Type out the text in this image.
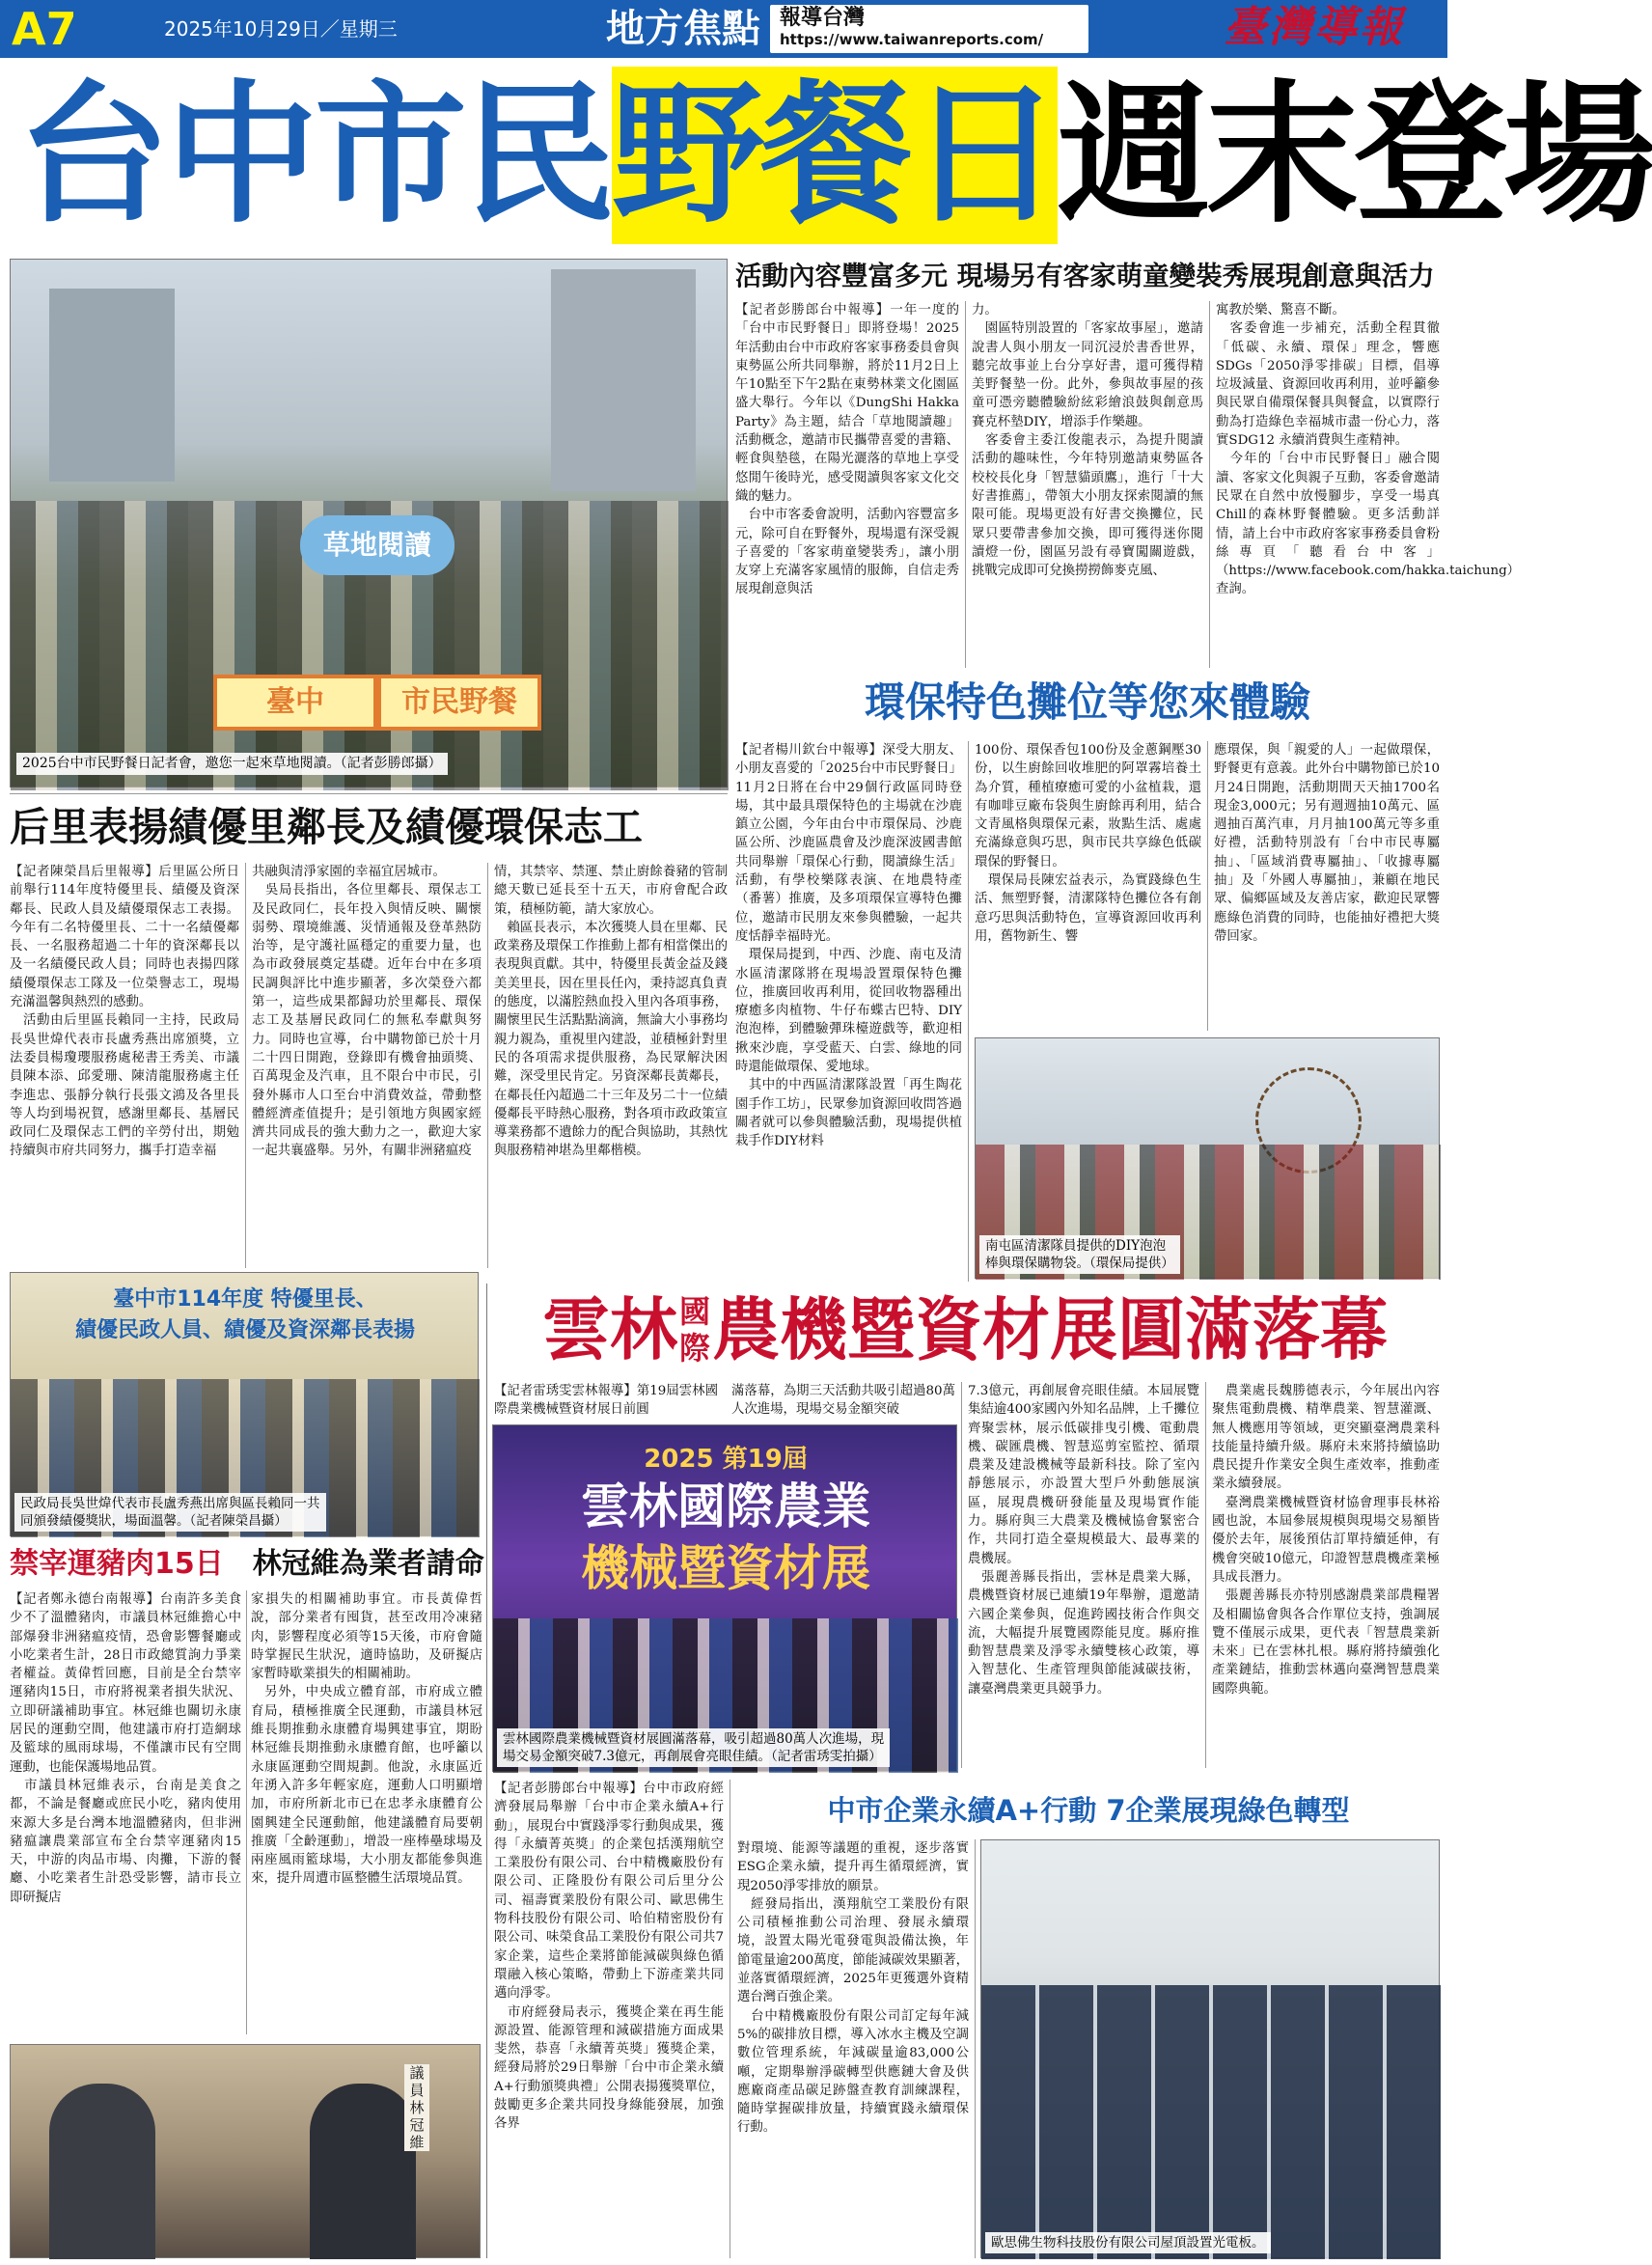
A7	2025年10月29日／星期三	地方焦點 報導台灣
https://www.taiwanreports.com/	臺灣導報
台中市民野餐日週末登場
草地閱讀
臺中	市民野餐
2025台中市民野餐日記者會，邀您一起來草地閱讀。（記者彭勝郎攝）
活動內容豐富多元 現場另有客家萌童變裝秀展現創意與活力
【記者彭勝郎台中報導】一年一度的「台中市民野餐日」即將登場！2025年活動由台中市政府客家事務委員會與東勢區公所共同舉辦，將於11月2日上午10點至下午2點在東勢林業文化園區盛大舉行。今年以《DungShi Hakka Party》為主題，結合「草地閱讀趣」活動概念，邀請市民攜帶喜愛的書籍、輕食與墊毯，在陽光灑落的草地上享受悠閒午後時光，感受閱讀與客家文化交織的魅力。
　台中市客委會說明，活動內容豐富多元，除可自在野餐外，現場還有深受親子喜愛的「客家萌童變裝秀」，讓小朋友穿上充滿客家風情的服飾，自信走秀展現創意與活
力。
　園區特別設置的「客家故事屋」，邀請說書人與小朋友一同沉浸於書香世界，聽完故事並上台分享好書，還可獲得精美野餐墊一份。此外，參與故事屋的孩童可憑旁聽體驗紛絃彩繪浪鼓與創意馬賽克杯墊DIY，增添手作樂趣。
　客委會主委江俊龍表示，為提升閱讀活動的趣味性，今年特別邀請東勢區各校校長化身「智慧貓頭鷹」，進行「十大好書推薦」，帶領大小朋友探索閱讀的無限可能。現場更設有好書交換攤位，民眾只要帶書參加交換，即可獲得迷你閱讀燈一份，園區另設有尋寶闖關遊戲，挑戰完成即可兌換撈撈飾麥克風、
寓教於樂、驚喜不斷。
　客委會進一步補充，活動全程貫徹「低碳、永續、環保」理念，響應SDGs「2050淨零排碳」目標，倡導垃圾減量、資源回收再利用，並呼籲參與民眾自備環保餐具與餐盒，以實際行動為打造綠色幸福城市盡一份心力，落實SDG12 永續消費與生產精神。
　今年的「台中市民野餐日」融合閱讀、客家文化與親子互動，客委會邀請民眾在自然中放慢腳步，享受一場真Chill的森林野餐體驗。更多活動詳情，請上台中市政府客家事務委員會粉絲專頁「聽看台中客」（https://www.facebook.com/hakka.taichung）查詢。
環保特色攤位等您來體驗
【記者楊川欽台中報導】深受大朋友、小朋友喜愛的「2025台中市民野餐日」11月2日將在台中29個行政區同時登場，其中最具環保特色的主場就在沙鹿鎮立公園，今年由台中市環保局、沙鹿區公所、沙鹿區農會及沙鹿深波國書館共同舉辦「環保心行動，閱讀綠生活」活動，有學校樂隊表演、在地農特產（番薯）推廣，及多項環保宣導特色攤位，邀請市民朋友來參與體驗，一起共度恬靜幸福時光。
　環保局提到，中西、沙鹿、南屯及清水區清潔隊將在現場設置環保特色攤位，推廣回收再利用，從回收物器種出療癒多肉植物、牛仔布蝶古巴特、DIY泡泡棒，到體驗彈珠檯遊戲等，歡迎相揪來沙鹿，享受藍天、白雲、綠地的同時還能做環保、愛地球。
　其中的中西區清潔隊設置「再生陶花園手作工坊」，民眾參加資源回收問答過關者就可以參與體驗活動，現場提供植栽手作DIY材料
100份、環保香包100份及金蔥鋼壓30份，以生廚餘回收堆肥的阿罩霧培養土為介質，種植療癒可愛的小盆植栽，還有咖啡豆廠布袋與生廚餘再利用，結合文青風格與環保元素，妝點生活、處處充滿綠意與巧思，與市民共享綠色低碳環保的野餐日。
　環保局長陳宏益表示，為實踐綠色生活、無塑野餐，清潔隊特色攤位各有創意巧思與活動特色，宣導資源回收再利用，舊物新生、響
應環保，與「親愛的人」一起做環保，野餐更有意義。此外台中購物節已於10月24日開跑，活動期間天天抽1700名現金3,000元；另有週週抽10萬元、區週抽百萬汽車，月月抽100萬元等多重好禮，活動特別設有「台中市民專屬抽」、「區域消費專屬抽」、「收據專屬抽」及「外國人專屬抽」，兼顧在地民眾、偏鄉區域及友善店家，歡迎民眾響應綠色消費的同時，也能抽好禮把大獎帶回家。
南屯區清潔隊員提供的DIY泡泡
棒與環保購物袋。（環保局提供）
后里表揚績優里鄰長及績優環保志工
【記者陳榮昌后里報導】后里區公所日前舉行114年度特優里長、績優及資深鄰長、民政人員及績優環保志工表揚。今年有二名特優里長、二十一名績優鄰長、一名服務超過二十年的資深鄰長以及一名績優民政人員；同時也表揚四隊績優環保志工隊及一位榮譽志工，現場充滿溫馨與熱烈的感動。
　活動由后里區長賴同一主持，民政局長吳世煒代表市長盧秀燕出席頒獎，立法委員楊瓊瓔服務處秘書王秀美、市議員陳本添、邱愛珊、陳清龍服務處主任李進忠、張靜分執行長張文鴻及各里長等人均到場祝賀，感謝里鄰長、基層民政同仁及環保志工們的辛勞付出，期勉持續與市府共同努力，攜手打造幸福
共融與清淨家園的幸福宜居城市。
　吳局長指出，各位里鄰長、環保志工及民政同仁，長年投入與情反映、關懷弱勢、環境維護、災情通報及登革熱防治等，是守護社區穩定的重要力量，也為市政發展奠定基礎。近年台中在多項民調與評比中進步顯著，多次榮登六都第一，這些成果都歸功於里鄰長、環保志工及基層民政同仁的無私奉獻與努力。同時也宣導，台中購物節已於十月二十四日開跑，登錄即有機會抽頭獎、百萬現金及汽車，且不限台中市民，引發外縣市人口至台中消費效益，帶動整體經濟產值提升；是引領地方與國家經濟共同成長的強大動力之一，歡迎大家一起共襄盛舉。另外，有關非洲豬瘟疫
情，其禁宰、禁運、禁止廚餘養豬的管制總天數已延長至十五天，市府會配合政策，積極防範，請大家放心。
　賴區長表示，本次獲獎人員在里鄰、民政業務及環保工作推動上都有相當傑出的表現與貢獻。其中，特優里長黃金益及錢美美里長，因在里長任內，秉持認真負責的態度，以滿腔熱血投入里內各項事務，關懷里民生活點點滴滴，無論大小事務均親力親為，重視里內建設，並積極針對里民的各項需求提供服務，為民眾解決困難，深受里民肯定。另資深鄰長黃鄰長，在鄰長任內超過二十三年及另二十一位績優鄰長平時熱心服務，對各項市政政策宣導業務都不遺餘力的配合與協助，其熱忱與服務精神堪為里鄰楷模。
臺中市114年度 特優里長、
績優民政人員、績優及資深鄰長表揚
民政局長吳世煒代表市長盧秀燕出席與區長賴同一共
同頒發績優獎狀，場面溫馨。（記者陳榮昌攝）
禁宰運豬肉15日　 林冠維為業者請命
【記者鄭永德台南報導】台南許多美食少不了溫體豬肉，市議員林冠維擔心中部爆發非洲豬瘟疫情，恐會影響餐廳或小吃業者生計，28日市政總質詢力爭業者權益。黃偉哲回應，目前是全台禁宰運豬肉15日，市府將視業者損失狀況、立即研議補助事宜。林冠維也關切永康居民的運動空間，他建議市府打造網球及籃球的風雨球場，不僅讓市民有空間運動，也能保護場地品質。
　市議員林冠維表示，台南是美食之都，不論是餐廳或庶民小吃，豬肉使用來源大多是台灣本地溫體豬肉，但非洲豬瘟讓農業部宣布全台禁宰運豬肉15天，中游的肉品市場、肉攤，下游的餐廳、小吃業者生計恐受影響，請市長立即研擬店
家損失的相關補助事宜。市長黃偉哲說，部分業者有囤貨，甚至改用冷凍豬肉，影響程度必須等15天後，市府會隨時掌握民生狀況，適時協助，及研擬店家暫時歇業損失的相關補助。
　另外，中央成立體育部，市府成立體育局，積極推廣全民運動，市議員林冠維長期推動永康體育場興建事宜，期盼林冠維長期推動永康體育館，也呼籲以永康區運動空間規劃。他說，永康區近年湧入許多年輕家庭，運動人口明顯增加，市府所新北市已在忠孝永康體育公園興建全民運動館，他建議體育局要朝推廣「全齡運動」，增設一座棒壘球場及兩座風雨籃球場，大小朋友都能參與進來，提升周遭市區整體生活環境品質。
議員林冠維
雲林 國
際 農機暨資材展圓滿落幕
【記者雷琇雯雲林報導】第19屆雲林國際農業機械暨資材展日前圓
滿落幕，為期三天活動共吸引超過80萬人次進場，現場交易金額突破
7.3億元，再創展會亮眼佳績。本屆展覽集結逾400家國內外知名品牌，上千攤位齊聚雲林，展示低碳排曳引機、電動農機、碳匯農機、智慧巡剪室監控、循環農業及建設機械等最新科技。除了室內靜態展示，亦設置大型戶外動態展演區，展現農機研發能量及現場實作能力。縣府與三大農業及機械協會緊密合作，共同打造全臺規模最大、最專業的農機展。
　張麗善縣長指出，雲林是農業大縣，農機暨資材展已連續19年舉辦，還邀請六國企業參與，促進跨國技術合作與交流，大幅提升展覽國際能見度。縣府推動智慧農業及淨零永續雙核心政策，導入智慧化、生產管理與節能減碳技術，讓臺灣農業更具競爭力。
　農業處長魏勝德表示，今年展出內容聚焦電動農機、精準農業、智慧灌溉、無人機應用等領域，更突顯臺灣農業科技能量持續升級。縣府未來將持續協助農民提升作業安全與生產效率，推動產業永續發展。
　臺灣農業機械暨資材協會理事長林裕國也說，本屆參展規模與現場交易額皆優於去年，展後預估訂單持續延伸，有機會突破10億元，印證智慧農機產業極具成長潛力。
　張麗善縣長亦特別感謝農業部農糧署及相關協會與各合作單位支持，強調展覽不僅展示成果，更代表「智慧農業新未來」已在雲林扎根。縣府將持續強化產業鏈結，推動雲林邁向臺灣智慧農業國際典範。
2025 第19屆
雲林國際農業
機械暨資材展
雲林國際農業機械暨資材展圓滿落幕，吸引超過80萬人次進場，現
場交易金額突破7.3億元，再創展會亮眼佳績。（記者雷琇雯拍攝）
【記者彭勝郎台中報導】台中市政府經濟發展局舉辦「台中市企業永續A+行動」，展現台中實踐淨零行動與成果，獲得「永續菁英獎」的企業包括漢翔航空工業股份有限公司、台中精機廠股份有限公司、正隆股份有限公司后里分公司、福壽實業股份有限公司、歐思佛生物科技股份有限公司、哈伯精密股份有限公司、味榮食品工業股份有限公司共7家企業，這些企業將節能減碳與綠色循環融入核心策略，帶動上下游產業共同邁向淨零。
　市府經發局表示，獲獎企業在再生能源設置、能源管理和減碳措施方面成果斐然，恭喜「永續菁英獎」獲獎企業，經發局將於29日舉辦「台中市企業永續A+行動頒獎典禮」公開表揚獲獎單位，鼓勵更多企業共同投身綠能發展，加強各界
中市企業永續A+行動 7企業展現綠色轉型
對環境、能源等議題的重視，逐步落實ESG企業永續，提升再生循環經濟，實現2050淨零排放的願景。
　經發局指出，漢翔航空工業股份有限公司積極推動公司治理、發展永續環境，設置太陽光電發電與設備汰換，年節電量逾200萬度，節能減碳效果顯著，並落實循環經濟，2025年更獲選外資精選台灣百強企業。
　台中精機廠股份有限公司訂定每年減5%的碳排放目標，導入冰水主機及空調數位管理系統，年減碳量逾83,000公噸，定期舉辦淨碳轉型供應鏈大會及供應廠商產品碳足跡盤查教育訓練課程，隨時掌握碳排放量，持續實踐永續環保行動。
歐思佛生物科技股份有限公司屋頂設置光電板。
